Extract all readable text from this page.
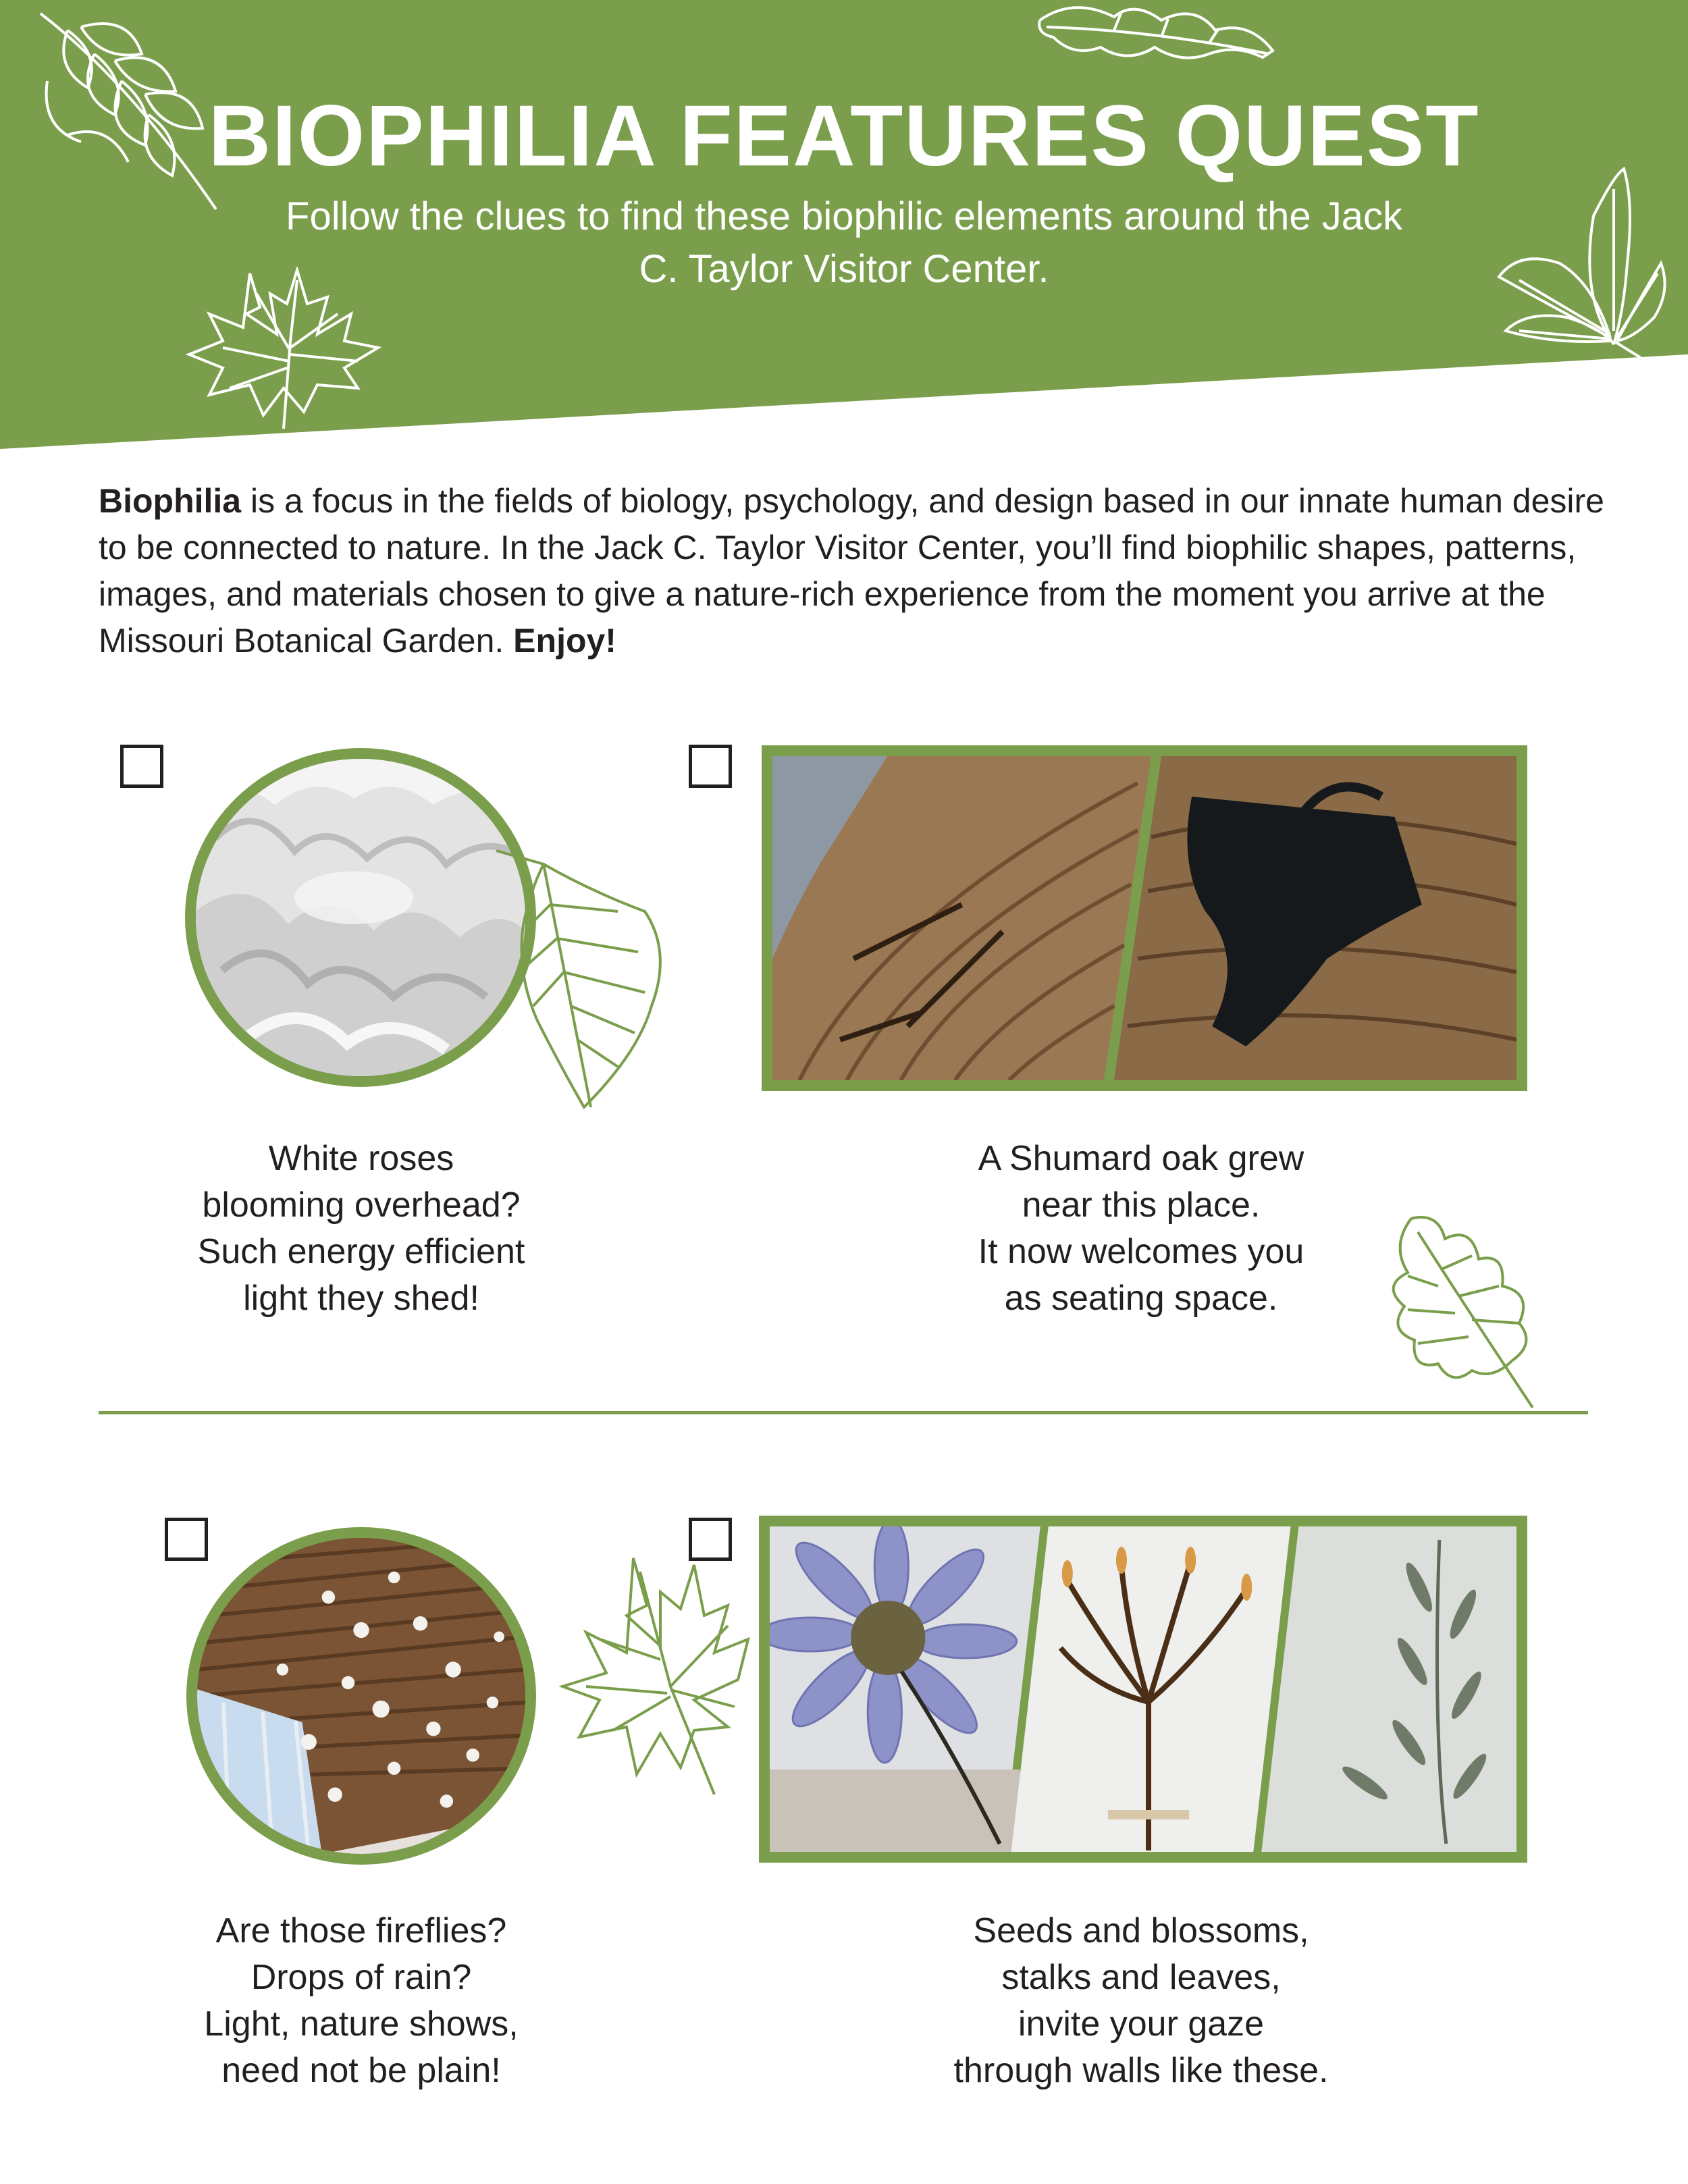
BIOPHILIA FEATURES QUEST
Follow the clues to find these biophilic elements around the Jack C. Taylor Visitor Center.

Biophilia is a focus in the fields of biology, psychology, and design based in our innate human desire to be connected to nature. In the Jack C. Taylor Visitor Center, you’ll find biophilic shapes, patterns, images, and materials chosen to give a nature-rich experience from the moment you arrive at the Missouri Botanical Garden. Enjoy!

White roses
blooming overhead?
Such energy efficient
light they shed!
A Shumard oak grew
near this place.
It now welcomes you
as seating space.
Are those fireflies?
Drops of rain?
Light, nature shows,
need not be plain!
Seeds and blossoms,
stalks and leaves,
invite your gaze
through walls like these.
